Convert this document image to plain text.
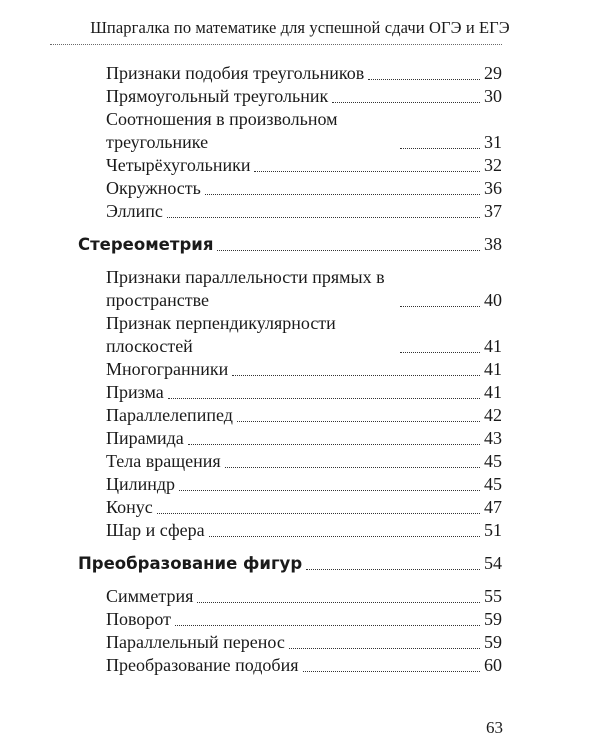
Шпаргалка по математике для успешной сдачи ОГЭ и ЕГЭ
Признаки подобия треугольников	29
Прямоугольный треугольник	30
Соотношения в произвольном треугольнике	31
Четырёхугольники	32
Окружность	36
Эллипс	37
Стереометрия	38
Признаки параллельности прямых в пространстве	40
Признак перпендикулярности плоскостей	41
Многогранники	41
Призма	41
Параллелепипед	42
Пирамида	43
Тела вращения	45
Цилиндр	45
Конус	47
Шар и сфера	51
Преобразование фигур	54
Симметрия	55
Поворот	59
Параллельный перенос	59
Преобразование подобия	60
63
